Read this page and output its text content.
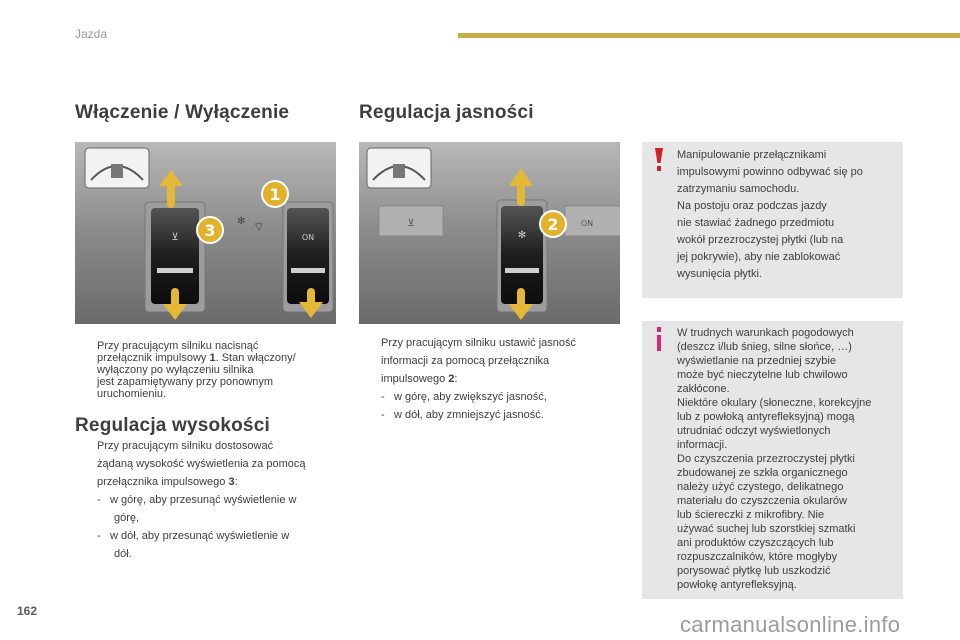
Jazda
Włączenie / Wyłączenie
⊻	ON
✻
▽
1
3
Przy pracującym silniku nacisnąć
przełącznik impulsowy 1. Stan włączony/
wyłączony po wyłączeniu silnika
jest zapamiętywany przy ponownym
uruchomieniu.
Regulacja wysokości
Przy pracującym silniku dostosować
żądaną wysokość wyświetlenia za pomocą
przełącznika impulsowego 3:
- w górę, aby przesunąć wyświetlenie w
górę,
- w dół, aby przesunąć wyświetlenie w
dół.
Regulacja jasności
⊻
✻
ON
2
Przy pracującym silniku ustawić jasność
informacji za pomocą przełącznika
impulsowego 2:
- w górę, aby zwiększyć jasność,
- w dół, aby zmniejszyć jasność.
Manipulowanie przełącznikami
impulsowymi powinno odbywać się po
zatrzymaniu samochodu.
Na postoju oraz podczas jazdy
nie stawiać żadnego przedmiotu
wokół przezroczystej płytki (lub na
jej pokrywie), aby nie zablokować
wysunięcia płytki.
W trudnych warunkach pogodowych
(deszcz i/lub śnieg, silne słońce, …)
wyświetlanie na przedniej szybie
może być nieczytelne lub chwilowo
zakłócone.
Niektóre okulary (słoneczne, korekcyjne
lub z powłoką antyrefleksyjną) mogą
utrudniać odczyt wyświetlonych
informacji.
Do czyszczenia przezroczystej płytki
zbudowanej ze szkła organicznego
należy użyć czystego, delikatnego
materiału do czyszczenia okularów
lub ściereczki z mikrofibry. Nie
używać suchej lub szorstkiej szmatki
ani produktów czyszczących lub
rozpuszczalników, które mogłyby
porysować płytkę lub uszkodzić
powłokę antyrefleksyjną.
162
carmanualsonline.info
